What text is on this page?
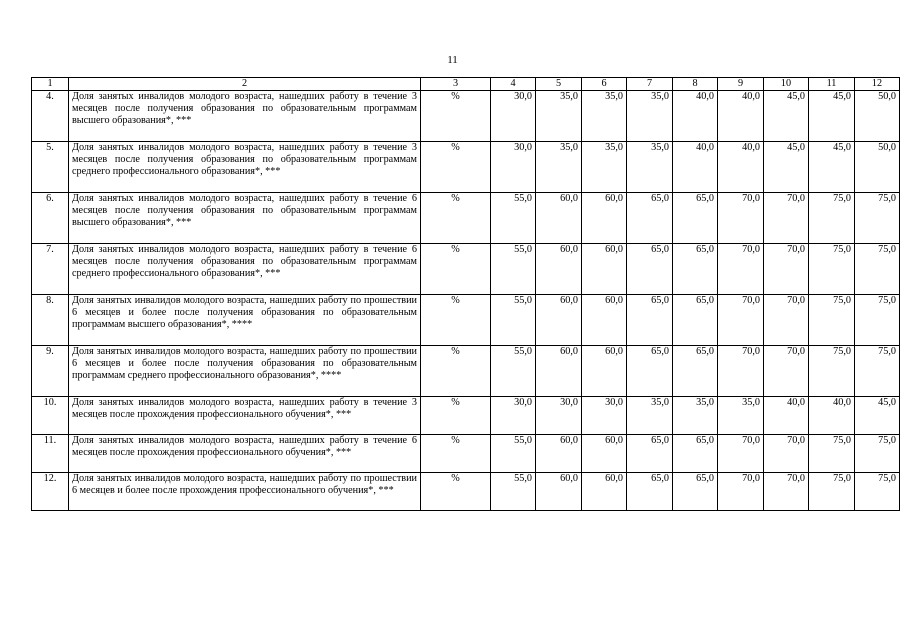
11
1	2	3	4	5	6	7	8	9	10	11	12
4.	Доля занятых инвалидов молодого возраста, нашедших работу в течение 3 месяцев после получения образования по образовательным программам высшего образования*, ***	%	30,0	35,0	35,0	35,0	40,0	40,0	45,0	45,0	50,0
5.	Доля занятых инвалидов молодого возраста, нашедших работу в течение 3 месяцев после получения образования по образовательным программам среднего профессионального образования*, ***	%	30,0	35,0	35,0	35,0	40,0	40,0	45,0	45,0	50,0
6.	Доля занятых инвалидов молодого возраста, нашедших работу в течение 6 месяцев после получения образования по образовательным программам высшего образования*, ***	%	55,0	60,0	60,0	65,0	65,0	70,0	70,0	75,0	75,0
7.	Доля занятых инвалидов молодого возраста, нашедших работу в течение 6 месяцев после получения образования по образовательным программам среднего профессионального образования*, ***	%	55,0	60,0	60,0	65,0	65,0	70,0	70,0	75,0	75,0
8.	Доля занятых инвалидов молодого возраста, нашедших работу по прошествии 6 месяцев и более после получения образования по образовательным программам высшего образования*, ****	%	55,0	60,0	60,0	65,0	65,0	70,0	70,0	75,0	75,0
9.	Доля занятых инвалидов молодого возраста, нашедших работу по прошествии 6 месяцев и более после получения образования по образовательным программам среднего профессионального образования*, ****	%	55,0	60,0	60,0	65,0	65,0	70,0	70,0	75,0	75,0
10.	Доля занятых инвалидов молодого возраста, нашедших работу в течение 3 месяцев после прохождения профессионального обучения*, ***	%	30,0	30,0	30,0	35,0	35,0	35,0	40,0	40,0	45,0
11.	Доля занятых инвалидов молодого возраста, нашедших работу в течение 6 месяцев после прохождения профессионального обучения*, ***	%	55,0	60,0	60,0	65,0	65,0	70,0	70,0	75,0	75,0
12.	Доля занятых инвалидов молодого возраста, нашедших работу по прошествии 6 месяцев и более после прохождения профессионального обучения*, ***	%	55,0	60,0	60,0	65,0	65,0	70,0	70,0	75,0	75,0
